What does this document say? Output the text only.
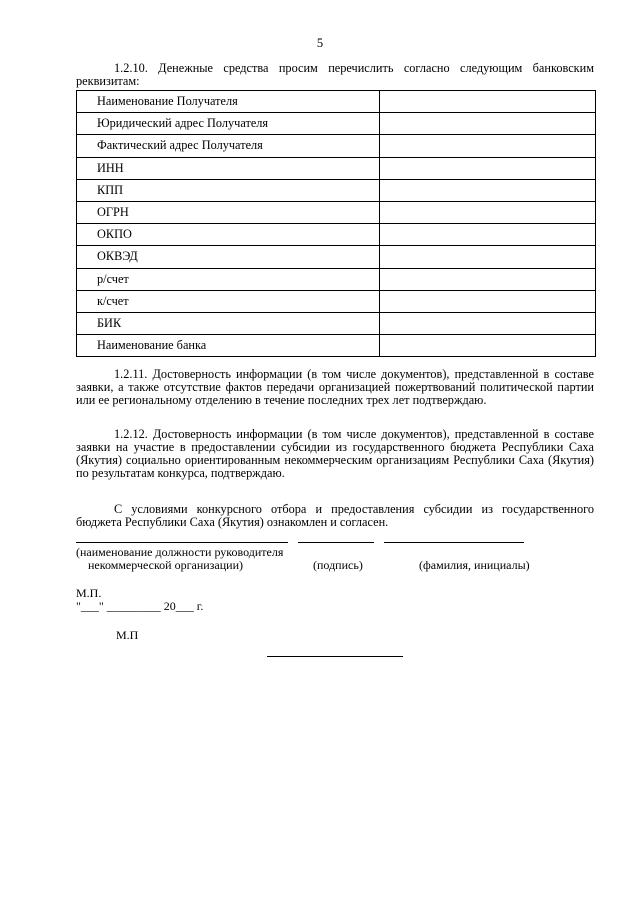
5

1.2.10. Денежные средства просим перечислить согласно следующим банковским реквизитам:

Наименование Получателя	
Юридический адрес Получателя	
Фактический адрес Получателя	
ИНН	
КПП	
ОГРН	
ОКПО	
ОКВЭД	
р/счет	
к/счет	
БИК	
Наименование банка	

1.2.11. Достоверность информации (в том числе документов), представленной в составе заявки, а также отсутствие фактов передачи организацией пожертвований политической партии или ее региональному отделению в течение последних трех лет подтверждаю.

1.2.12. Достоверность информации (в том числе документов), представленной в составе заявки на участие в предоставлении субсидии из государственного бюджета Республики Саха (Якутия) социально ориентированным некоммерческим организациям Республики Саха (Якутия) по результатам конкурса, подтверждаю.

С условиями конкурсного отбора и предоставления субсидии из государственного бюджета Республики Саха (Якутия) ознакомлен и согласен.

(наименование должности руководителя
некоммерческой организации)	(подпись)	(фамилия, инициалы)
М.П.
"___" _________ 20___ г.
М.П
